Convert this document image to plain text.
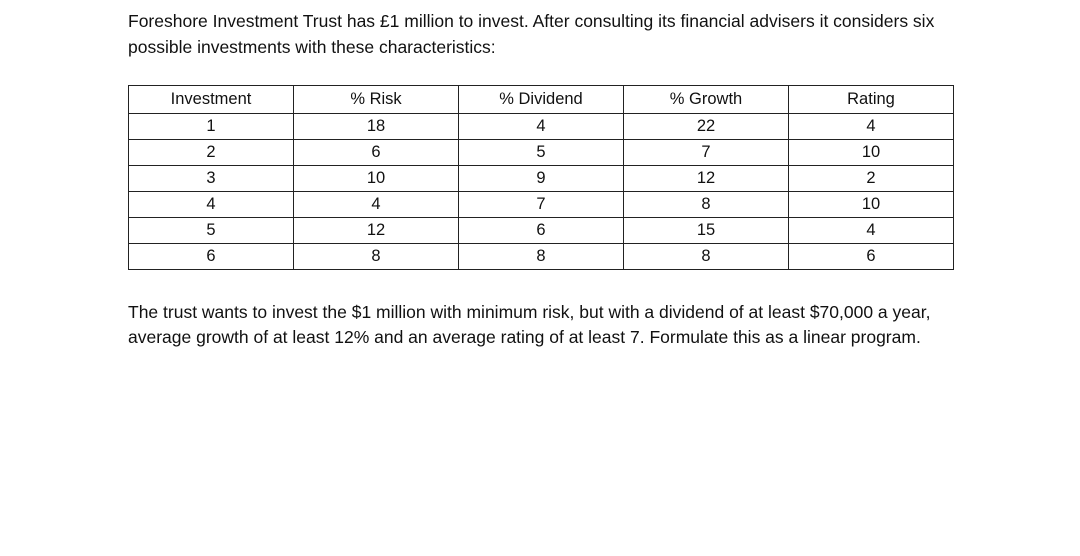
Foreshore Investment Trust has £1 million to invest. After consulting its financial advisers it considers six possible investments with these characteristics:

Investment	% Risk	% Dividend	% Growth	Rating
1	18	4	22	4
2	6	5	7	10
3	10	9	12	2
4	4	7	8	10
5	12	6	15	4
6	8	8	8	6

The trust wants to invest the $1 million with minimum risk, but with a dividend of at least $70,000 a year, average growth of at least 12% and an average rating of at least 7. Formulate this as a linear program.
